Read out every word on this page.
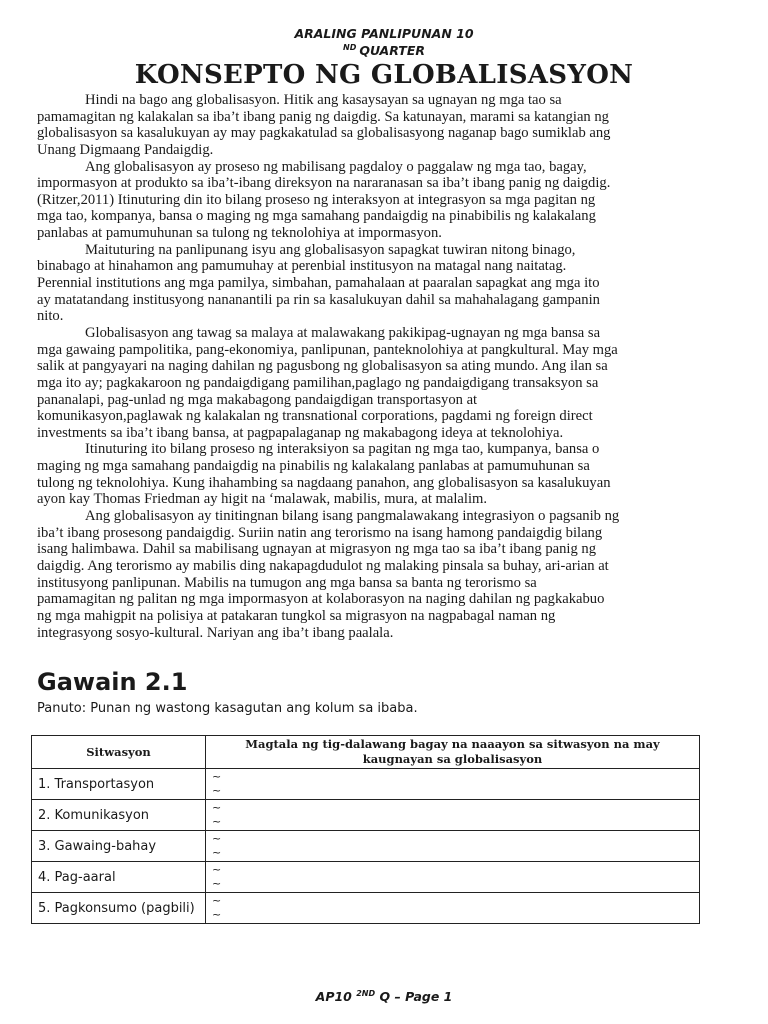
ARALING PANLIPUNAN 10
$^{ND}$ QUARTER
KONSEPTO NG GLOBALISASYON
Hindi na bago ang globalisasyon. Hitik ang kasaysayan sa ugnayan ng mga tao sa
pamamagitan ng kalakalan sa iba’t ibang panig ng daigdig. Sa katunayan, marami sa katangian ng
globalisasyon sa kasalukuyan ay may pagkakatulad sa globalisasyong naganap bago sumiklab ang
Unang Digmaang Pandaigdig.
Ang globalisasyon ay proseso ng mabilisang pagdaloy o paggalaw ng mga tao, bagay,
impormasyon at produkto sa iba’t-ibang direksyon na nararanasan sa iba’t ibang panig ng daigdig.
(Ritzer,2011) Itinuturing din ito bilang proseso ng interaksyon at integrasyon sa mga pagitan ng
mga tao, kompanya, bansa o maging ng mga samahang pandaigdig na pinabibilis ng kalakalang
panlabas at pamumuhunan sa tulong ng teknolohiya at impormasyon.
Maituturing na panlipunang isyu ang globalisasyon sapagkat tuwiran nitong binago,
binabago at hinahamon ang pamumuhay at perenbial institusyon na matagal nang naitatag.
Perennial institutions ang mga pamilya, simbahan, pamahalaan at paaralan sapagkat ang mga ito
ay matatandang institusyong nananantili pa rin sa kasalukuyan dahil sa mahahalagang gampanin
nito.
Globalisasyon ang tawag sa malaya at malawakang pakikipag-ugnayan ng mga bansa sa
mga gawaing pampolitika, pang-ekonomiya, panlipunan, panteknolohiya at pangkultural. May mga
salik at pangyayari na naging dahilan ng pagusbong ng globalisasyon sa ating mundo. Ang ilan sa
mga ito ay; pagkakaroon ng pandaigdigang pamilihan,paglago ng pandaigdigang transaksyon sa
pananalapi, pag-unlad ng mga makabagong pandaigdigan transportasyon at
komunikasyon,paglawak ng kalakalan ng transnational corporations, pagdami ng foreign direct
investments sa iba’t ibang bansa, at pagpapalaganap ng makabagong ideya at teknolohiya.
Itinuturing ito bilang proseso ng interaksiyon sa pagitan ng mga tao, kumpanya, bansa o
maging ng mga samahang pandaigdig na pinabilis ng kalakalang panlabas at pamumuhunan sa
tulong ng teknolohiya. Kung ihahambing sa nagdaang panahon, ang globalisasyon sa kasalukuyan
ayon kay Thomas Friedman ay higit na ‘malawak, mabilis, mura, at malalim.
Ang globalisasyon ay tinitingnan bilang isang pangmalawakang integrasiyon o pagsanib ng
iba’t ibang prosesong pandaigdig. Suriin natin ang terorismo na isang hamong pandaigdig bilang
isang halimbawa. Dahil sa mabilisang ugnayan at migrasyon ng mga tao sa iba’t ibang panig ng
daigdig. Ang terorismo ay mabilis ding nakapagdudulot ng malaking pinsala sa buhay, ari-arian at
institusyong panlipunan. Mabilis na tumugon ang mga bansa sa banta ng terorismo sa
pamamagitan ng palitan ng mga impormasyon at kolaborasyon na naging dahilan ng pagkakabuo
ng mga mahigpit na polisiya at patakaran tungkol sa migrasyon na nagpabagal naman ng
integrasyong sosyo-kultural. Nariyan ang iba’t ibang paalala.
Gawain 2.1
Panuto: Punan ng wastong kasagutan ang kolum sa ibaba.
Sitwasyon	Magtala ng tig-dalawang bagay na naaayon sa sitwasyon na may kaugnayan sa globalisasyon
1. Transportasyon	~
~

2. Komunikasyon	~
~

3. Gawaing-bahay	~
~

4. Pag-aaral	~
~

5. Pagkonsumo (pagbili)	~
~
AP10 $^{2ND}$ Q – Page 1
